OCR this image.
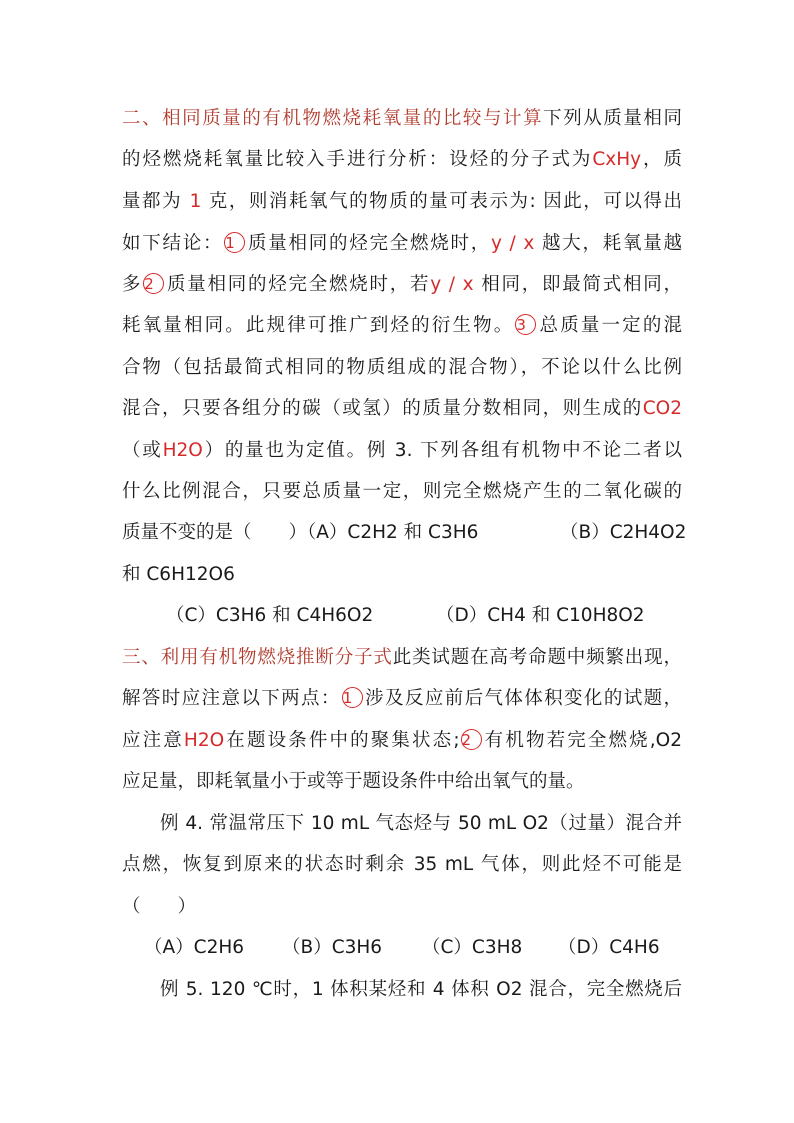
二、相同质量的有机物燃烧耗氧量的比较与计算下列从质量相同
的烃燃烧耗氧量比较入手进行分析：设烃的分子式为CxHy，质
量都为 1 克，则消耗氧气的物质的量可表示为: 因此，可以得出
如下结论： 1 质量相同的烃完全燃烧时，y / x 越大，耗氧量越
多 2 质量相同的烃完全燃烧时，若y / x 相同，即最简式相同，
耗氧量相同。此规律可推广到烃的衍生物。 3 总质量一定的混
合物（包括最简式相同的物质组成的混合物），不论以什么比例
混合，只要各组分的碳（或氢）的质量分数相同，则生成的CO2
（或H2O）的量也为定值。例 3. 下列各组有机物中不论二者以
什么比例混合，只要总质量一定，则完全燃烧产生的二氧化碳的
质量不变的是（　　）（A）C2H2 和 C3H6	（B）C2H4O2
和 C6H12O6
（C）C3H6 和 C4H6O2	（D）CH4 和 C10H8O2
三、利用有机物燃烧推断分子式此类试题在高考命题中频繁出现，
解答时应注意以下两点： 1 涉及反应前后气体体积变化的试题，
应注意H2O在题设条件中的聚集状态; 2 有机物若完全燃烧,O2
应足量，即耗氧量小于或等于题设条件中给出氧气的量。
例 4. 常温常压下 10 mL 气态烃与 50 mL O2（过量）混合并
点燃，恢复到原来的状态时剩余 35 mL 气体，则此烃不可能是
（　　）
（A）C2H6 （B）C3H6 （C）C3H8 （D）C4H6
例 5. 120 ℃时，1 体积某烃和 4 体积 O2 混合，完全燃烧后
